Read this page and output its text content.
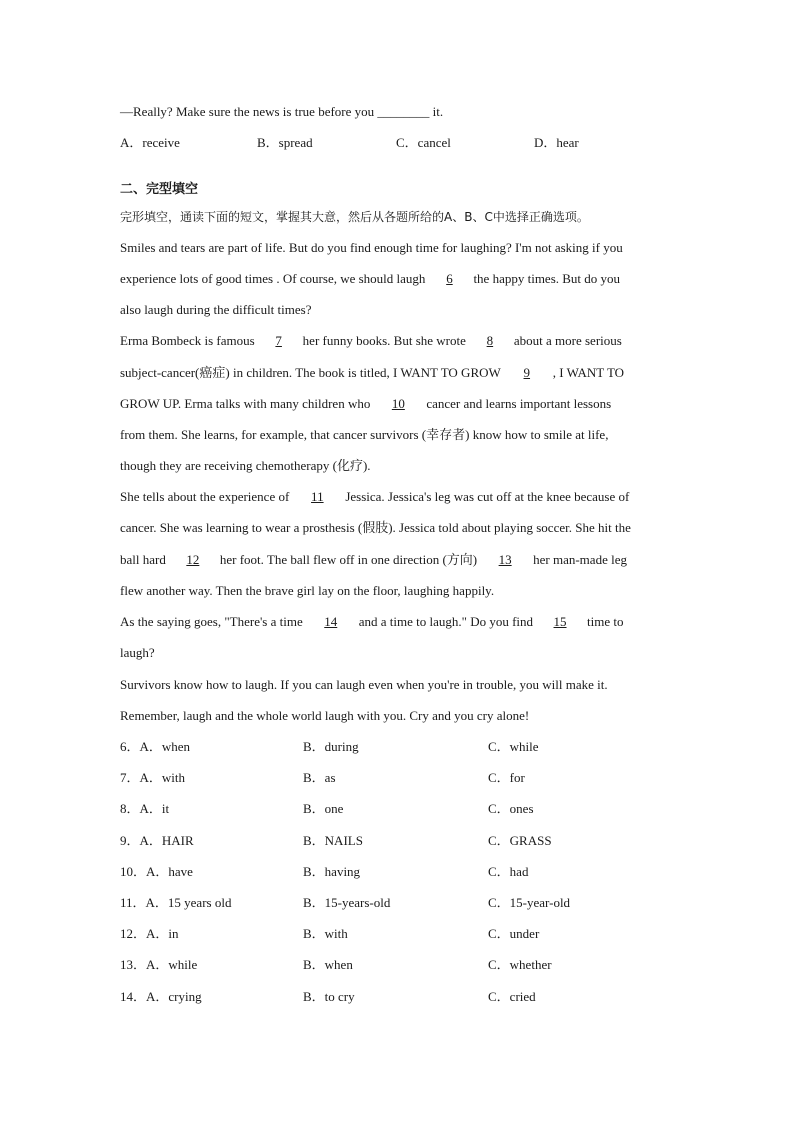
—Really? Make sure the news is true before you ________ it.
A．receive	B．spread	C．cancel	D．hear
二、完型填空
完形填空，通读下面的短文，掌握其大意，然后从各题所给的A、B、C中选择正确选项。
Smiles and tears are part of life. But do you find enough time for laughing? I'm not asking if you
experience lots of good times . Of course, we should laugh 6 the happy times. But do you
also laugh during the difficult times?
Erma Bombeck is famous 7 her funny books. But she wrote 8 about a more serious
subject-cancer(癌症) in children. The book is titled, I WANT TO GROW 9 , I WANT TO
GROW UP. Erma talks with many children who 10 cancer and learns important lessons
from them. She learns, for example, that cancer survivors (幸存者) know how to smile at life,
though they are receiving chemotherapy (化疗).
She tells about the experience of 11 Jessica. Jessica's leg was cut off at the knee because of
cancer. She was learning to wear a prosthesis (假肢). Jessica told about playing soccer. She hit the
ball hard 12 her foot. The ball flew off in one direction (方向) 13 her man-made leg
flew another way. Then the brave girl lay on the floor, laughing happily.
As the saying goes, "There's a time 14 and a time to laugh." Do you find 15 time to
laugh?
Survivors know how to laugh. If you can laugh even when you're in trouble, you will make it.
Remember, laugh and the whole world laugh with you. Cry and you cry alone!
6．A．when	B．during	C．while
7．A．with	B．as	C．for
8．A．it	B．one	C．ones
9．A．HAIR	B．NAILS	C．GRASS
10．A．have	B．having	C．had
11．A．15 years old	B．15-years-old	C．15-year-old
12．A．in	B．with	C．under
13．A．while	B．when	C．whether
14．A．crying	B．to cry	C．cried
